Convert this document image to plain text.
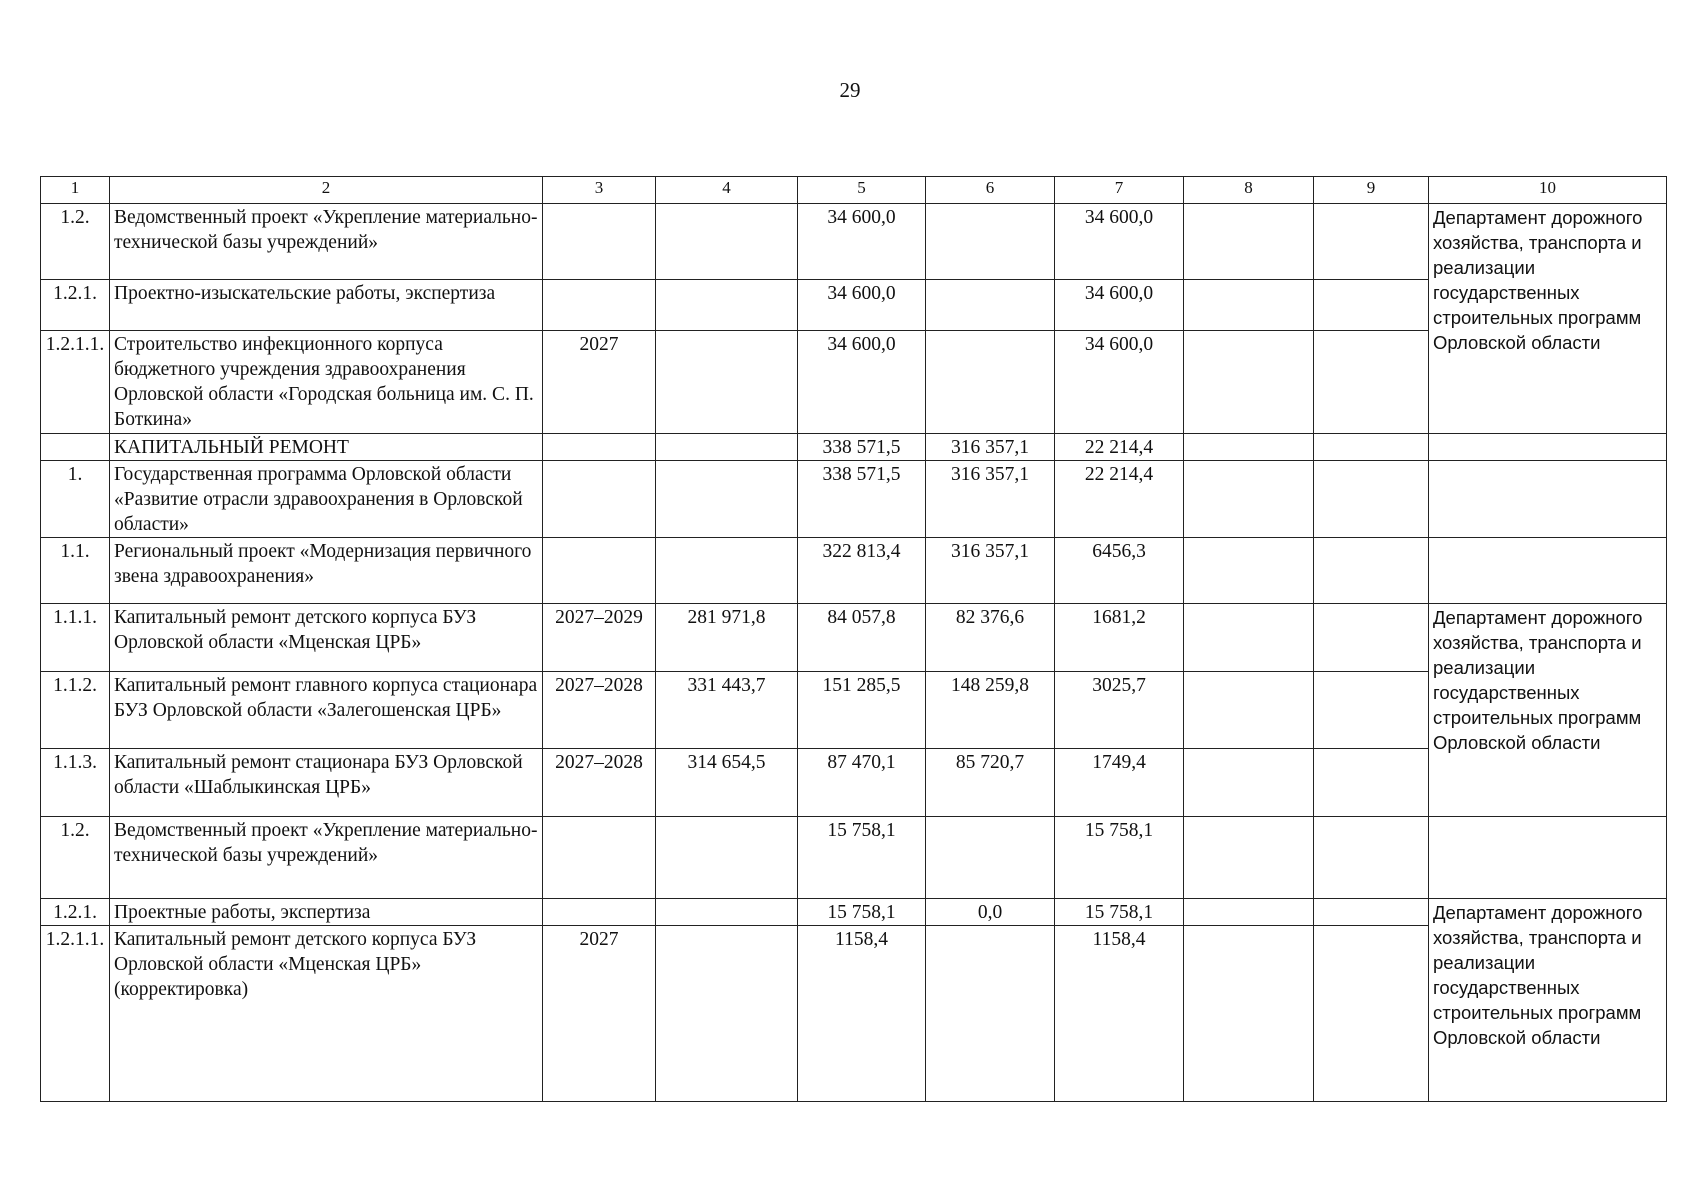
29
1	2	3	4	5	6	7	8	9	10
1.2.	Ведомственный проект «Укрепление материально-технической базы учреждений»			34 600,0		34 600,0			Департамент дорожного хозяйства, транспорта и реализации государственных строительных программ Орловской области
1.2.1.	Проектно-изыскательские работы, экспертиза			34 600,0		34 600,0			
1.2.1.1.	Строительство инфекционного корпуса бюджетного учреждения здравоохранения Орловской области «Городская больница им. С. П. Боткина»	2027		34 600,0		34 600,0			
	КАПИТАЛЬНЫЙ РЕМОНТ			338 571,5	316 357,1	22 214,4			
1.	Государственная программа Орловской области «Развитие отрасли здравоохранения в Орловской области»			338 571,5	316 357,1	22 214,4			
1.1.	Региональный проект «Модернизация первичного звена здравоохранения»			322 813,4	316 357,1	6456,3			
1.1.1.	Капитальный ремонт детского корпуса БУЗ Орловской области «Мценская ЦРБ»	2027–2029	281 971,8	84 057,8	82 376,6	1681,2			Департамент дорожного хозяйства, транспорта и реализации государственных строительных программ Орловской области
1.1.2.	Капитальный ремонт главного корпуса стационара БУЗ Орловской области «Залегошенская ЦРБ»	2027–2028	331 443,7	151 285,5	148 259,8	3025,7			
1.1.3.	Капитальный ремонт стационара БУЗ Орловской области «Шаблыкинская ЦРБ»	2027–2028	314 654,5	87 470,1	85 720,7	1749,4			
1.2.	Ведомственный проект «Укрепление материально-технической базы учреждений»			15 758,1		15 758,1			
1.2.1.	Проектные работы, экспертиза			15 758,1	0,0	15 758,1			Департамент дорожного хозяйства, транспорта и реализации государственных строительных программ Орловской области
1.2.1.1.	Капитальный ремонт детского корпуса БУЗ Орловской области «Мценская ЦРБ» (корректировка)	2027		1158,4		1158,4			
